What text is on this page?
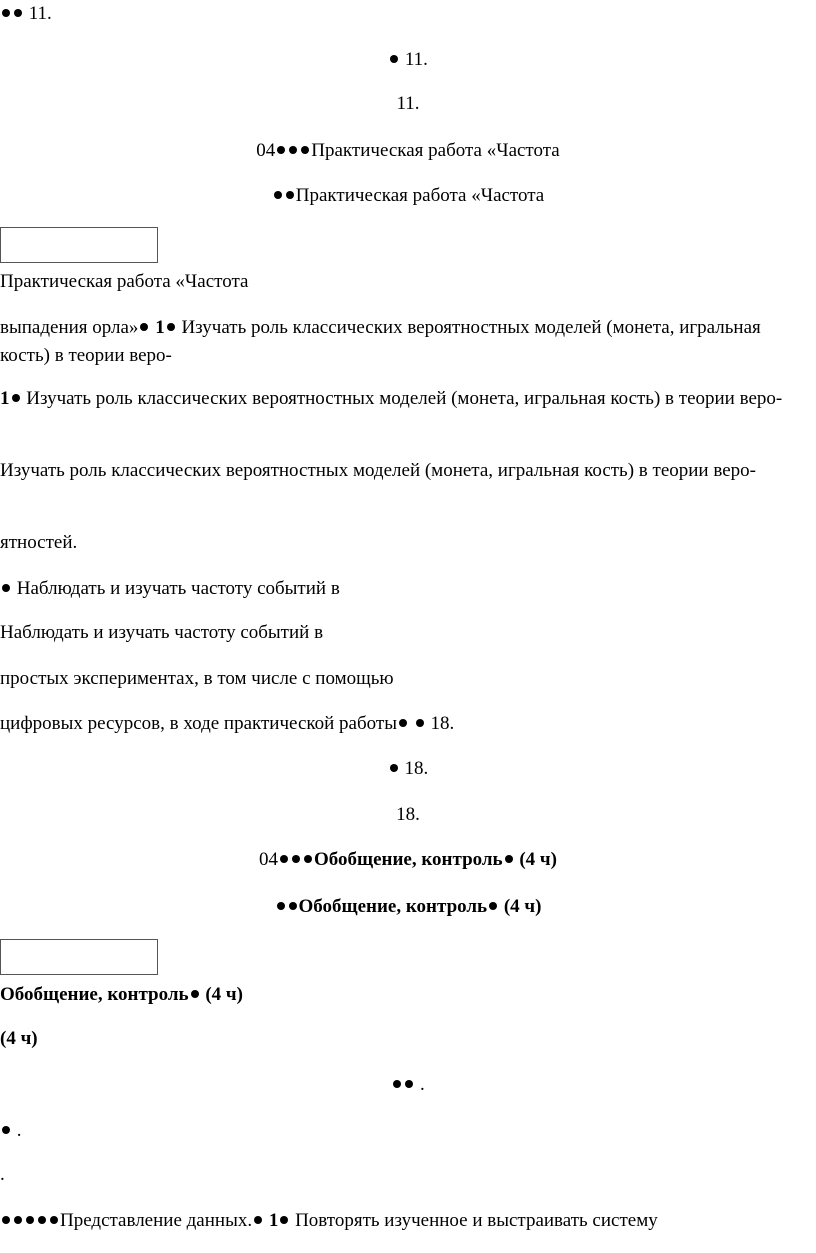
11.
11.
11.
04 Практическая работа «Частота
Практическая работа «Частота
Практическая работа «Частота
выпадения орла» 1 Изучать роль классических вероятностных моделей (монета, игральная кость) в теории веро-
1 Изучать роль классических вероятностных моделей (монета, игральная кость) в теории веро-
Изучать роль классических вероятностных моделей (монета, игральная кость) в теории веро-
ятностей.
Наблюдать и изучать частоту событий в
Наблюдать и изучать частоту событий в
простых экспериментах, в том числе с помощью
цифровых ресурсов, в ходе практической работы 18.
18.
18.
04 Обобщение, контроль (4 ч)
Обобщение, контроль (4 ч)
Обобщение, контроль (4 ч)
(4 ч)
.
.
.
Представление данных. 1 Повторять изученное и выстраивать систему
